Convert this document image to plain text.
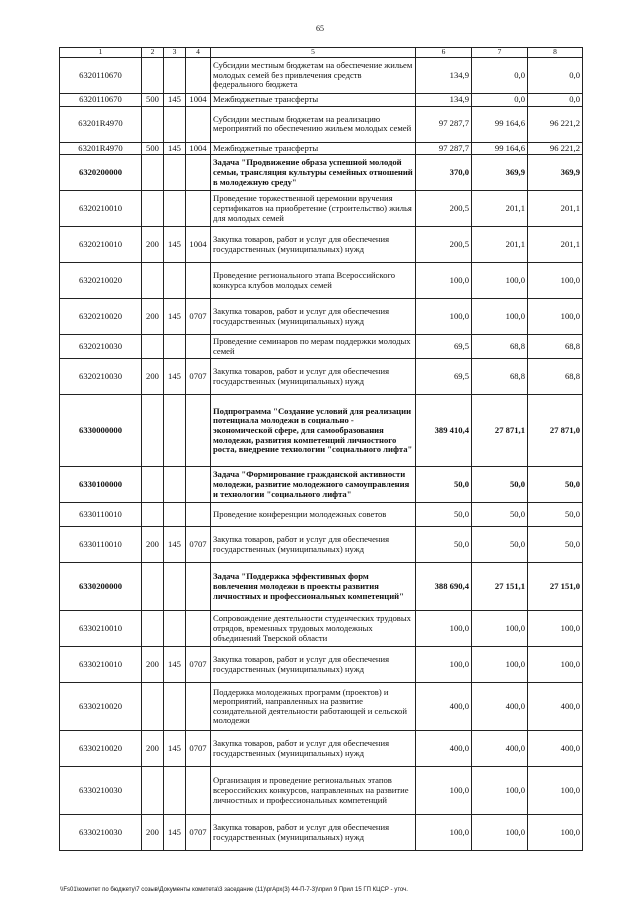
65
1	2	3	4	5	6	7	8
6320110670				Субсидии местным бюджетам на обеспечение жильем молодых семей без привлечения средств федерального бюджета	134,9	0,0	0,0
6320110670	500	145	1004	Межбюджетные трансферты	134,9	0,0	0,0
63201R4970				Субсидии местным бюджетам на реализацию мероприятий по обеспечению жильем молодых семей	97 287,7	99 164,6	96 221,2
63201R4970	500	145	1004	Межбюджетные трансферты	97 287,7	99 164,6	96 221,2
6320200000				Задача "Продвижение образа успешной молодой семьи, трансляция культуры семейных отношений в молодежную среду"	370,0	369,9	369,9
6320210010				Проведение торжественной церемонии вручения сертификатов на приобретение (строительство) жилья для молодых семей	200,5	201,1	201,1
6320210010	200	145	1004	Закупка товаров, работ и услуг для обеспечения государственных (муниципальных) нужд	200,5	201,1	201,1
6320210020				Проведение регионального этапа Всероссийского конкурса клубов молодых семей	100,0	100,0	100,0
6320210020	200	145	0707	Закупка товаров, работ и услуг для обеспечения государственных (муниципальных) нужд	100,0	100,0	100,0
6320210030				Проведение семинаров по мерам поддержки молодых семей	69,5	68,8	68,8
6320210030	200	145	0707	Закупка товаров, работ и услуг для обеспечения государственных (муниципальных) нужд	69,5	68,8	68,8
6330000000				Подпрограмма "Создание условий для реализации потенциала молодежи в социально - экономической сфере, для самообразования молодежи, развития компетенций личностного роста, внедрение технологии "социального лифта"	389 410,4	27 871,1	27 871,0
6330100000				Задача "Формирование гражданской активности молодежи, развитие молодежного самоуправления и технологии "социального лифта"	50,0	50,0	50,0
6330110010				Проведение конференции молодежных советов	50,0	50,0	50,0
6330110010	200	145	0707	Закупка товаров, работ и услуг для обеспечения государственных (муниципальных) нужд	50,0	50,0	50,0
6330200000				Задача "Поддержка эффективных форм вовлечения молодежи в проекты развития личностных и профессиональных компетенций"	388 690,4	27 151,1	27 151,0
6330210010				Сопровождение деятельности студенческих трудовых отрядов, временных трудовых молодежных объединений Тверской области	100,0	100,0	100,0
6330210010	200	145	0707	Закупка товаров, работ и услуг для обеспечения государственных (муниципальных) нужд	100,0	100,0	100,0
6330210020				Поддержка молодежных программ (проектов) и мероприятий, направленных на развитие созидательной деятельности работающей и сельской молодежи	400,0	400,0	400,0
6330210020	200	145	0707	Закупка товаров, работ и услуг для обеспечения государственных (муниципальных) нужд	400,0	400,0	400,0
6330210030				Организация и проведение региональных этапов всероссийских конкурсов, направленных на развитие личностных и профессиональных компетенций	100,0	100,0	100,0
6330210030	200	145	0707	Закупка товаров, работ и услуг для обеспечения государственных (муниципальных) нужд	100,0	100,0	100,0
\\Fs01\комитет по бюджету\7 созыв\Документы комитета\3 заседание (11)\prАрх(3) 44-П-7-3)\прил 9 Прил 15 ГП КЦСР - уточ.
